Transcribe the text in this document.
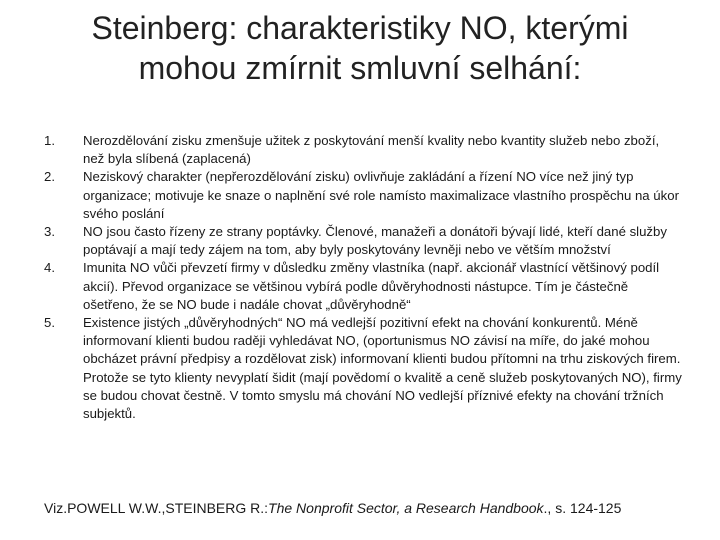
Steinberg: charakteristiky NO, kterými mohou zmírnit smluvní selhání:
1.	Nerozdělování zisku zmenšuje užitek z poskytování menší kvality nebo kvantity služeb nebo zboží, než byla slíbená (zaplacená)
2.	Neziskový charakter (nepřerozdělování zisku) ovlivňuje zakládání a řízení NO více než jiný typ organizace; motivuje ke snaze o naplnění své role namísto maximalizace vlastního prospěchu na úkor svého poslání
3.	NO jsou často řízeny ze strany poptávky. Členové, manažeři a donátoři bývají lidé, kteří dané služby poptávají a mají tedy zájem na tom, aby byly poskytovány levněji nebo ve větším množství
4.	Imunita NO vůči převzetí firmy v důsledku změny vlastníka (např. akcionář vlastnící většinový podíl akcií). Převod organizace se většinou vybírá podle důvěryhodnosti nástupce. Tím je částečně ošetřeno, že se NO bude i nadále chovat „důvěryhodně“
5.	Existence jistých „důvěryhodných“ NO má vedlejší pozitivní efekt na chování konkurentů. Méně informovaní klienti budou raději vyhledávat NO, (oportunismus NO závisí na míře, do jaké mohou obcházet právní předpisy a rozdělovat zisk) informovaní klienti budou přítomni na trhu ziskových firem. Protože se tyto klienty nevyplatí šidit (mají povědomí o kvalitě a ceně služeb poskytovaných NO), firmy se budou chovat čestně. V tomto smyslu má chování NO vedlejší příznivé efekty na chování tržních subjektů.
Viz.POWELL W.W.,STEINBERG R.:The Nonprofit Sector, a Research Handbook., s. 124-125
